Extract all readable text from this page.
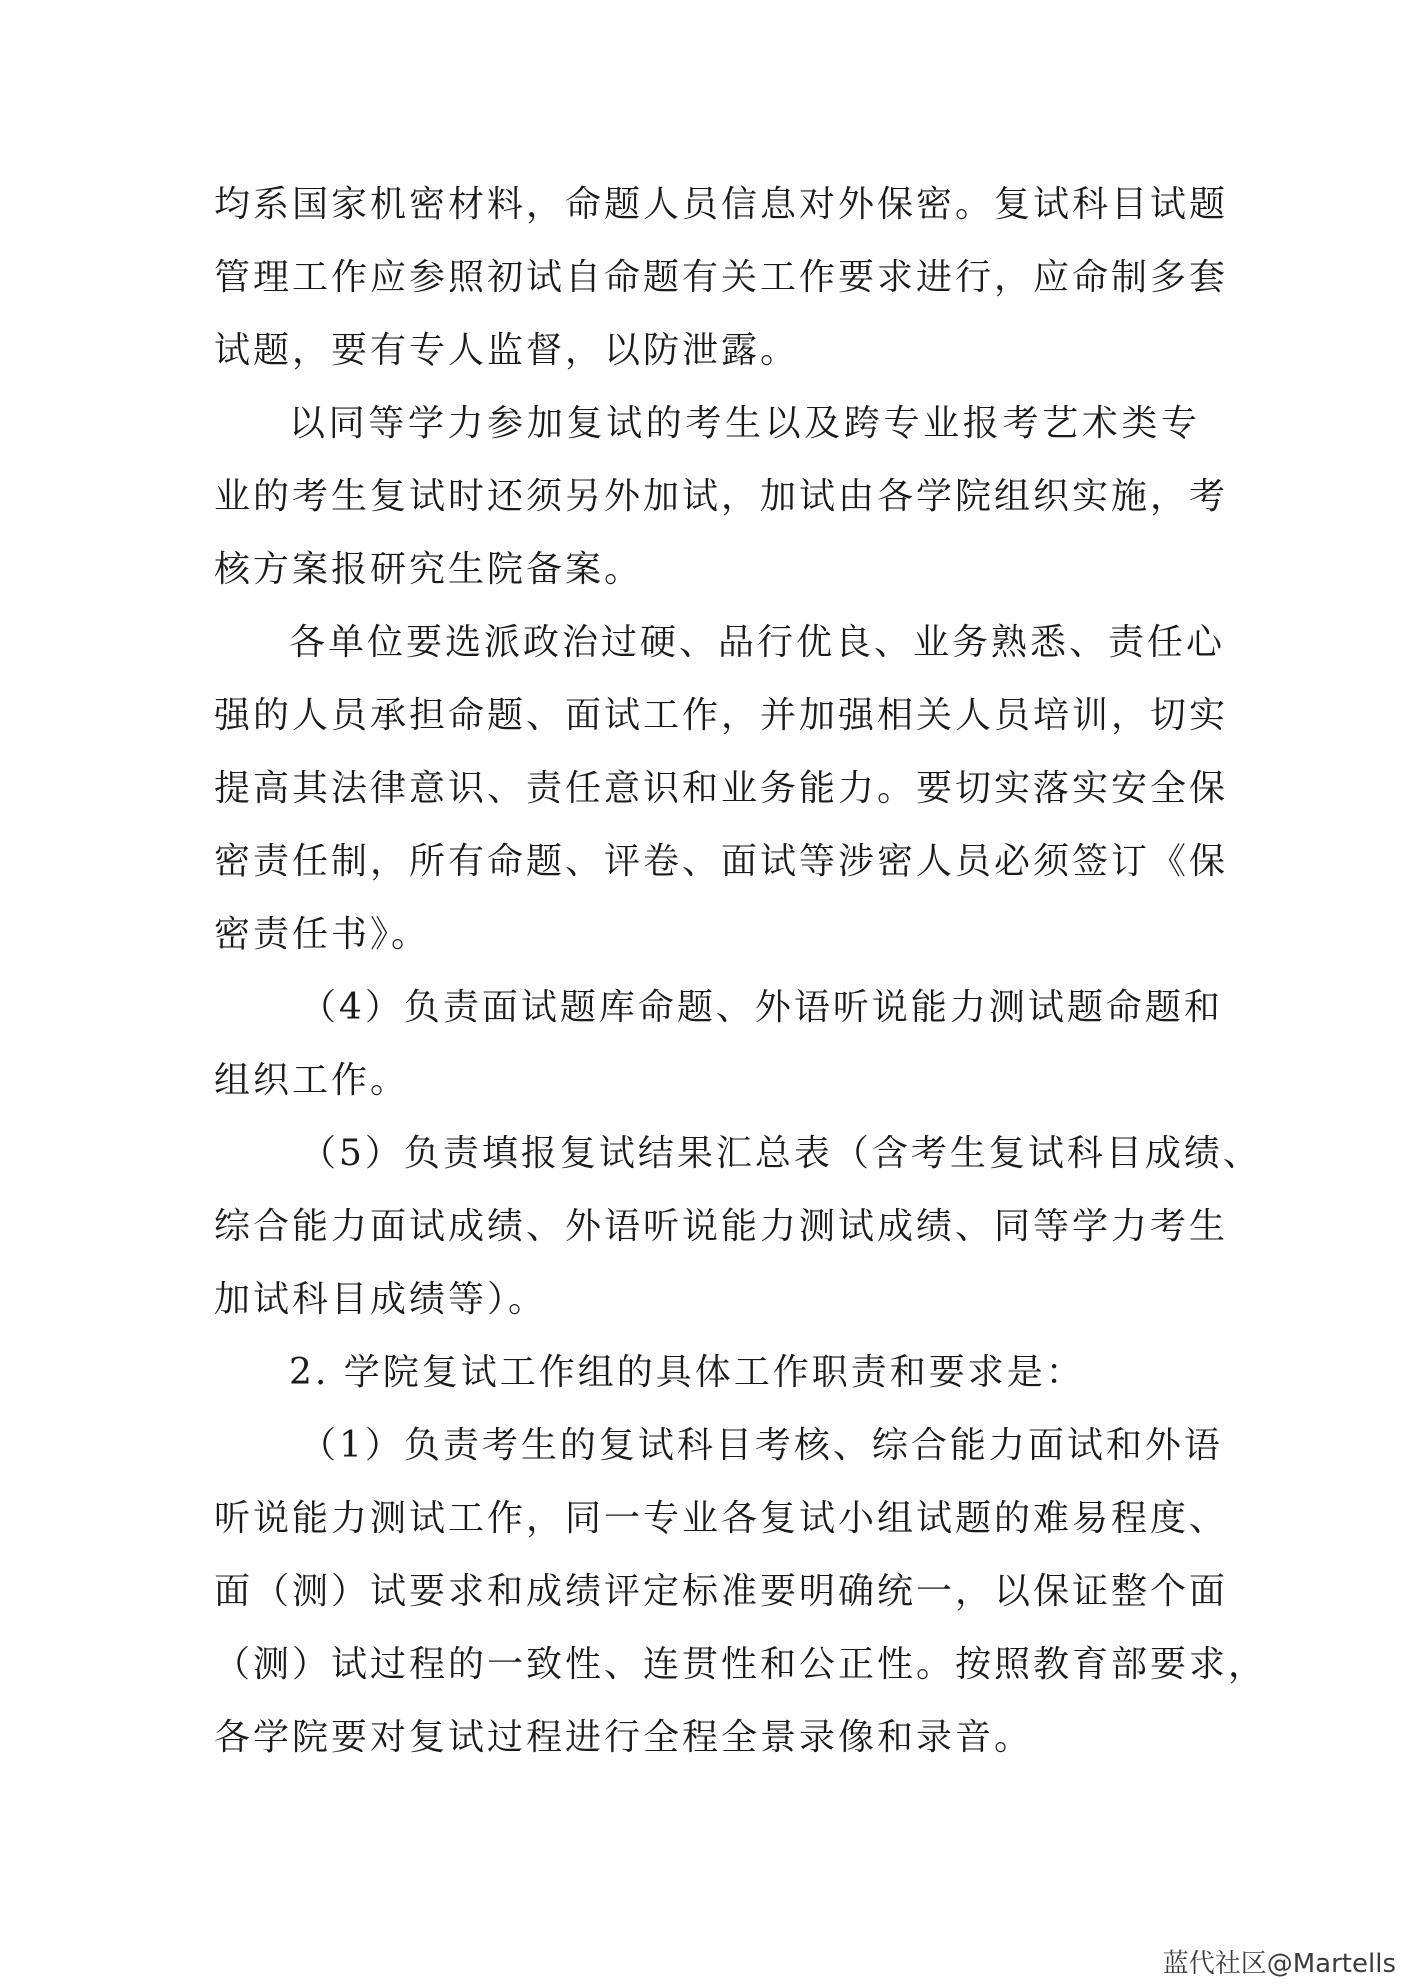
均系国家机密材料，命题人员信息对外保密。复试科目试题
管理工作应参照初试自命题有关工作要求进行，应命制多套
试题，要有专人监督，以防泄露。
以同等学力参加复试的考生以及跨专业报考艺术类专
业的考生复试时还须另外加试，加试由各学院组织实施，考
核方案报研究生院备案。
各单位要选派政治过硬、品行优良、业务熟悉、责任心
强的人员承担命题、面试工作，并加强相关人员培训，切实
提高其法律意识、责任意识和业务能力。要切实落实安全保
密责任制，所有命题、评卷、面试等涉密人员必须签订《保
密责任书》。
（4）负责面试题库命题、外语听说能力测试题命题和
组织工作。
（5）负责填报复试结果汇总表（含考生复试科目成绩、
综合能力面试成绩、外语听说能力测试成绩、同等学力考生
加试科目成绩等）。
2. 学院复试工作组的具体工作职责和要求是：
（1）负责考生的复试科目考核、综合能力面试和外语
听说能力测试工作，同一专业各复试小组试题的难易程度、
面（测）试要求和成绩评定标准要明确统一，以保证整个面
（测）试过程的一致性、连贯性和公正性。按照教育部要求，
各学院要对复试过程进行全程全景录像和录音。
蓝代社区@Martells
